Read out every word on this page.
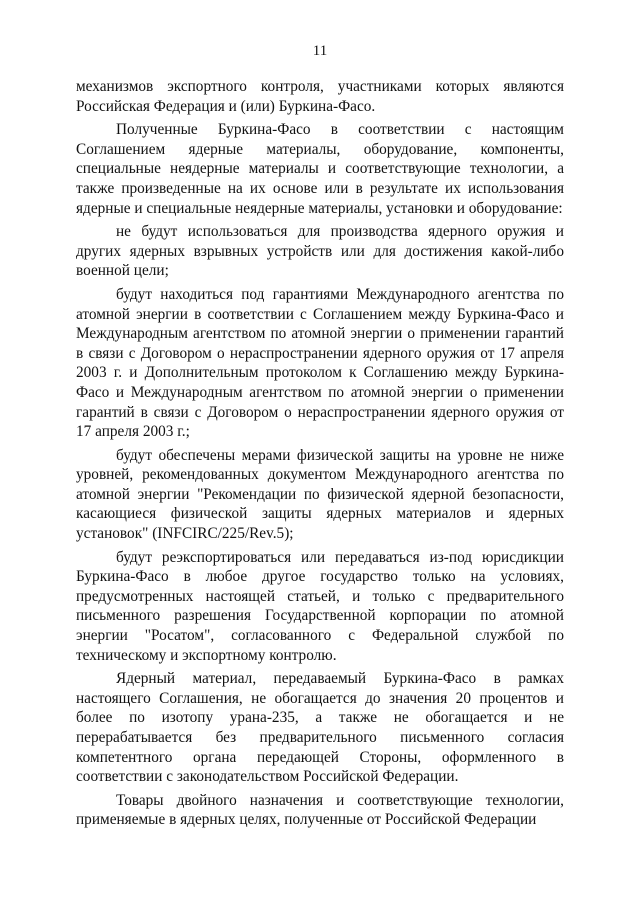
11

механизмов экспортного контроля, участниками которых являются Российская Федерация и (или) Буркина-Фасо.

Полученные Буркина-Фасо в соответствии с настоящим Соглашением ядерные материалы, оборудование, компоненты, специальные неядерные материалы и соответствующие технологии, а также произведенные на их основе или в результате их использования ядерные и специальные неядерные материалы, установки и оборудование:

не будут использоваться для производства ядерного оружия и других ядерных взрывных устройств или для достижения какой-либо военной цели;

будут находиться под гарантиями Международного агентства по атомной энергии в соответствии с Соглашением между Буркина-Фасо и Международным агентством по атомной энергии о применении гарантий в связи с Договором о нераспространении ядерного оружия от 17 апреля 2003 г. и Дополнительным протоколом к Соглашению между Буркина-Фасо и Международным агентством по атомной энергии о применении гарантий в связи с Договором о нераспространении ядерного оружия от 17 апреля 2003 г.;

будут обеспечены мерами физической защиты на уровне не ниже уровней, рекомендованных документом Международного агентства по атомной энергии "Рекомендации по физической ядерной безопасности, касающиеся физической защиты ядерных материалов и ядерных установок" (INFCIRC/225/Rev.5);

будут реэкспортироваться или передаваться из-под юрисдикции Буркина-Фасо в любое другое государство только на условиях, предусмотренных настоящей статьей, и только с предварительного письменного разрешения Государственной корпорации по атомной энергии "Росатом", согласованного с Федеральной службой по техническому и экспортному контролю.

Ядерный материал, передаваемый Буркина-Фасо в рамках настоящего Соглашения, не обогащается до значения 20 процентов и более по изотопу урана-235, а также не обогащается и не перерабатывается без предварительного письменного согласия компетентного органа передающей Стороны, оформленного в соответствии с законодательством Российской Федерации.

Товары двойного назначения и соответствующие технологии, применяемые в ядерных целях, полученные от Российской Федерации
